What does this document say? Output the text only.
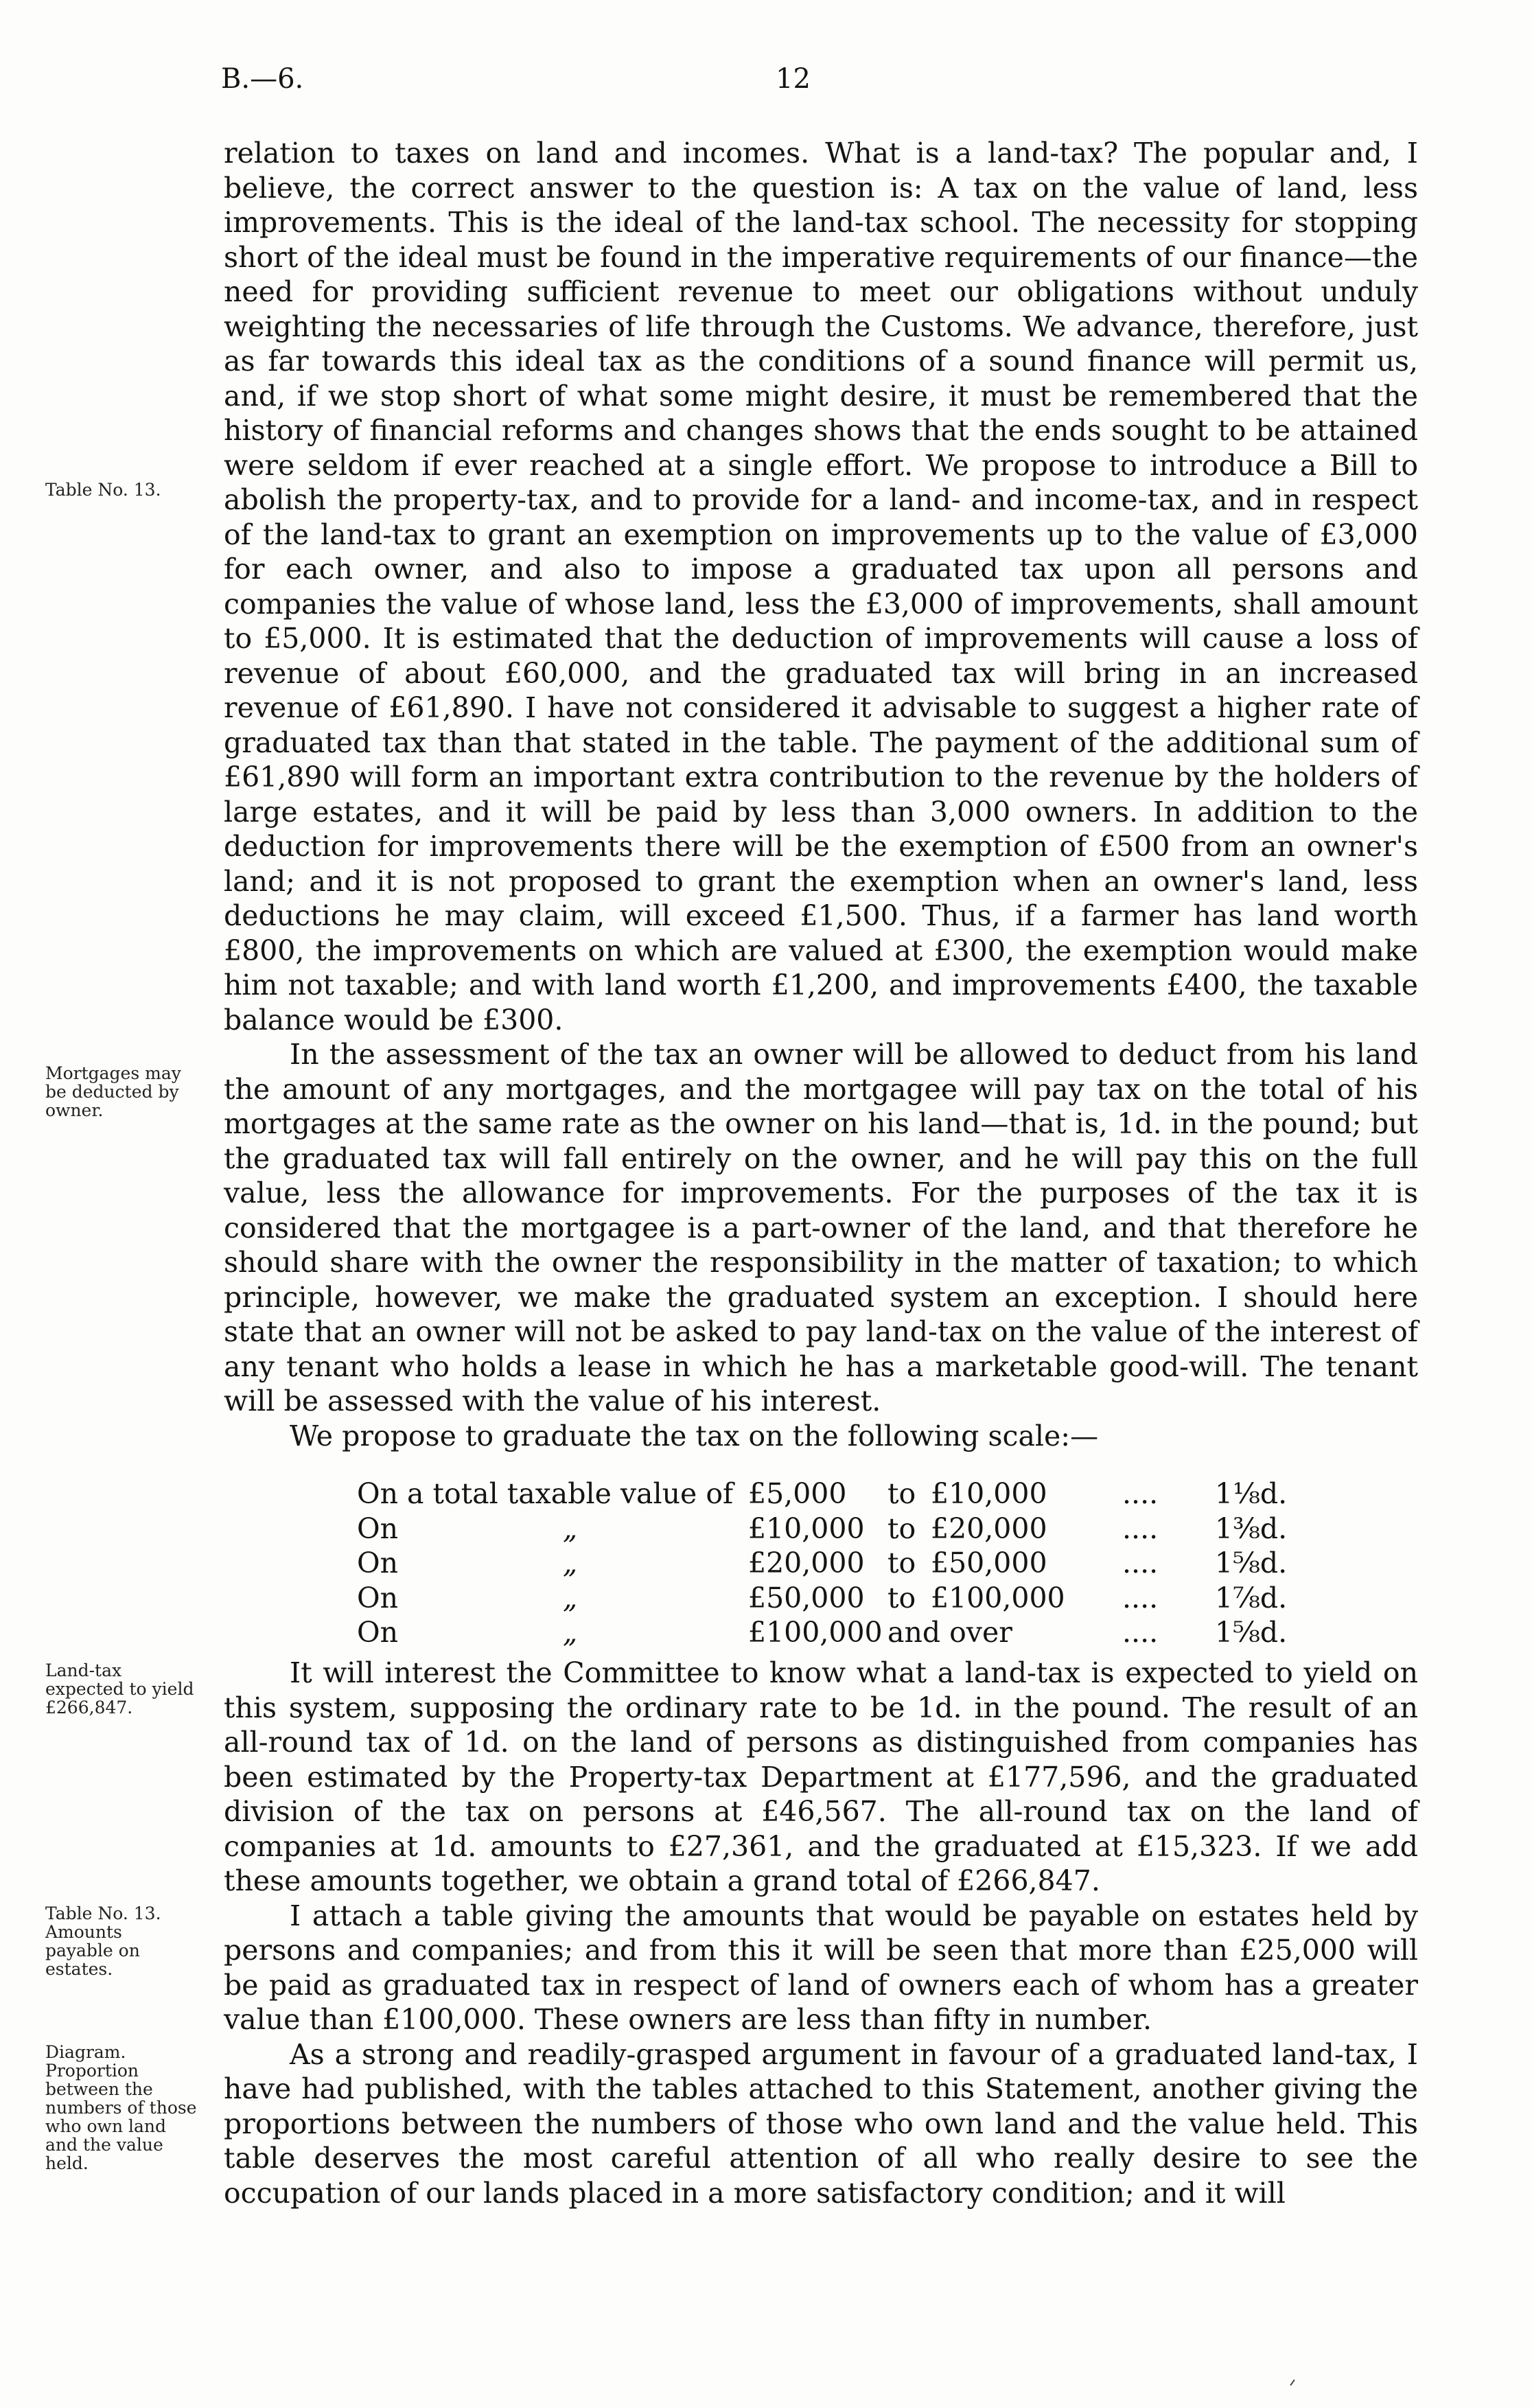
B.—6.	12
Table No. 13.
Mortgages may
be deducted by
owner.
Land-tax
expected to yield
£266,847.
Table No. 13.
Amounts
payable on
estates.
Diagram.
Proportion
between the
numbers of those
who own land
and the value
held.

relation to taxes on land and incomes. What is a land-tax? The popular and, I believe, the correct answer to the question is: A tax on the value of land, less improvements. This is the ideal of the land-tax school. The necessity for stopping short of the ideal must be found in the imperative requirements of our finance—the need for providing sufficient revenue to meet our obligations without unduly weighting the necessaries of life through the Customs. We advance, therefore, just as far towards this ideal tax as the conditions of a sound finance will permit us, and, if we stop short of what some might desire, it must be remembered that the history of financial reforms and changes shows that the ends sought to be attained were seldom if ever reached at a single effort. We propose to introduce a Bill to abolish the property-tax, and to provide for a land- and income-tax, and in respect of the land-tax to grant an exemption on improvements up to the value of £3,000 for each owner, and also to impose a graduated tax upon all persons and companies the value of whose land, less the £3,000 of improvements, shall amount to £5,000. It is estimated that the deduction of improvements will cause a loss of revenue of about £60,000, and the graduated tax will bring in an increased revenue of £61,890. I have not considered it advisable to suggest a higher rate of graduated tax than that stated in the table. The payment of the additional sum of £61,890 will form an important extra contribution to the revenue by the holders of large estates, and it will be paid by less than 3,000 owners. In addition to the deduction for improvements there will be the exemption of £500 from an owner's land; and it is not proposed to grant the exemption when an owner's land, less deductions he may claim, will exceed £1,500. Thus, if a farmer has land worth £800, the improvements on which are valued at £300, the exemption would make him not taxable; and with land worth £1,200, and improvements £400, the taxable balance would be £300.

In the assessment of the tax an owner will be allowed to deduct from his land the amount of any mortgages, and the mortgagee will pay tax on the total of his mortgages at the same rate as the owner on his land—that is, 1d. in the pound; but the graduated tax will fall entirely on the owner, and he will pay this on the full value, less the allowance for improvements. For the purposes of the tax it is considered that the mortgagee is a part-owner of the land, and that therefore he should share with the owner the responsibility in the matter of taxation; to which principle, however, we make the graduated system an exception. I should here state that an owner will not be asked to pay land-tax on the value of the interest of any tenant who holds a lease in which he has a marketable good-will. The tenant will be assessed with the value of his interest.

We propose to graduate the tax on the following scale:—

On a total taxable value of £5,000 to £10,000	.... 1⅛d.
On	„	£10,000 to £20,000	.... 1⅜d.
On	„	£20,000 to £50,000	.... 1⅝d.
On	„	£50,000 to £100,000 .... 1⅞d.
On	„	£100,000 and over	.... 1⅝d.

It will interest the Committee to know what a land-tax is expected to yield on this system, supposing the ordinary rate to be 1d. in the pound. The result of an all-round tax of 1d. on the land of persons as distinguished from companies has been estimated by the Property-tax Department at £177,596, and the graduated division of the tax on persons at £46,567. The all-round tax on the land of companies at 1d. amounts to £27,361, and the graduated at £15,323. If we add these amounts together, we obtain a grand total of £266,847.

I attach a table giving the amounts that would be payable on estates held by persons and companies; and from this it will be seen that more than £25,000 will be paid as graduated tax in respect of land of owners each of whom has a greater value than £100,000. These owners are less than fifty in number.

As a strong and readily-grasped argument in favour of a graduated land-tax, I have had published, with the tables attached to this Statement, another giving the proportions between the numbers of those who own land and the value held. This table deserves the most careful attention of all who really desire to see the occupation of our lands placed in a more satisfactory condition; and it will
